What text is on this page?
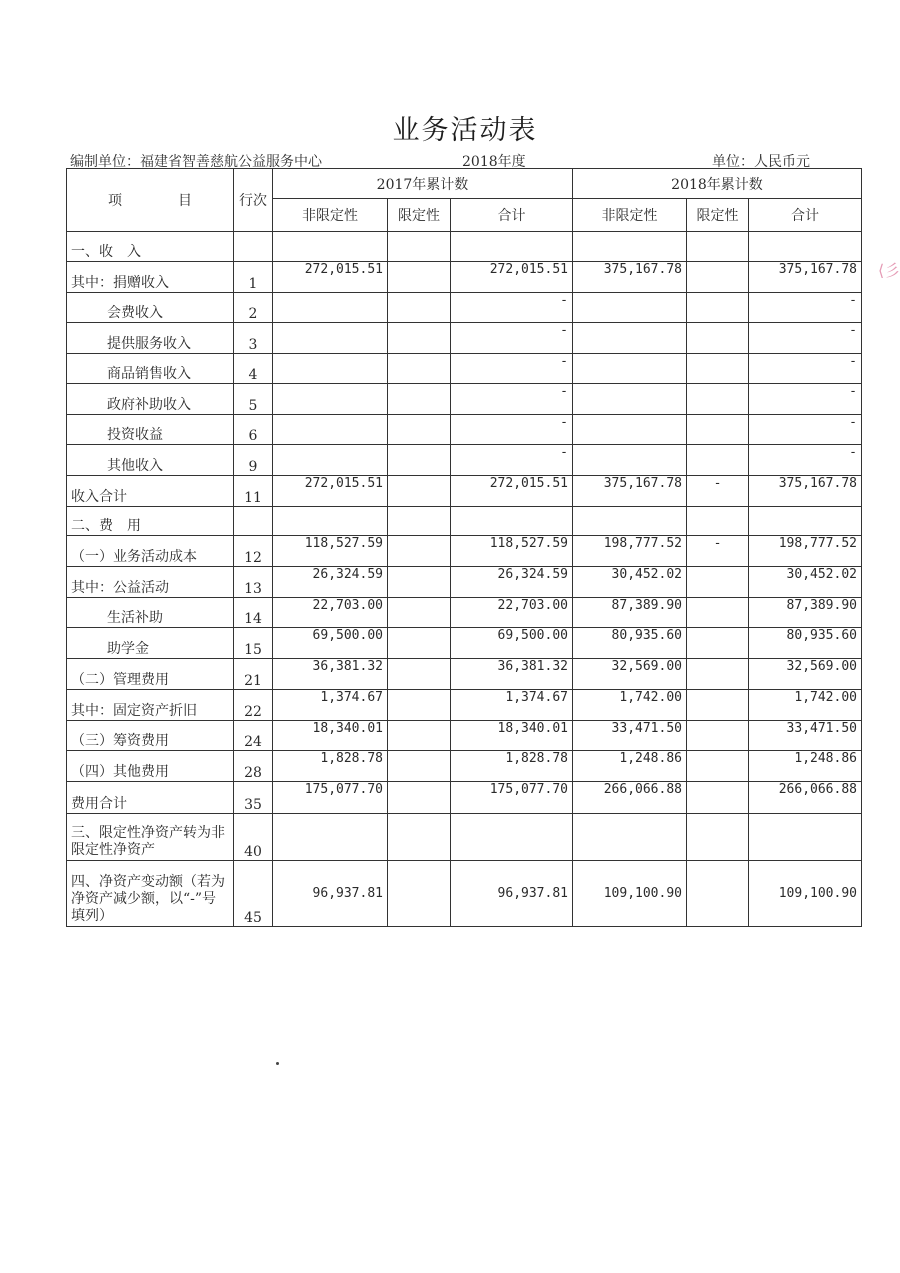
业务活动表
编制单位：福建省智善慈航公益服务中心	2018年度	单位：人民币元
项　　　　目	行次	2017年累计数			2018年累计数		
		非限定性	限定性	合计	非限定性	限定性	合计
一、收　入							
其中：捐赠收入	1	272,015.51		272,015.51	375,167.78		375,167.78
会费收入	2			-			-
提供服务收入	3			-			-
商品销售收入	4			-			-
政府补助收入	5			-			-
投资收益	6			-			-
其他收入	9			-			-
收入合计	11	272,015.51		272,015.51	375,167.78	-	375,167.78
二、费　用							
（一）业务活动成本	12	118,527.59		118,527.59	198,777.52	-	198,777.52
其中：公益活动	13	26,324.59		26,324.59	30,452.02		30,452.02
生活补助	14	22,703.00		22,703.00	87,389.90		87,389.90
助学金	15	69,500.00		69,500.00	80,935.60		80,935.60
（二）管理费用	21	36,381.32		36,381.32	32,569.00		32,569.00
其中：固定资产折旧	22	1,374.67		1,374.67	1,742.00		1,742.00
（三）筹资费用	24	18,340.01		18,340.01	33,471.50		33,471.50
（四）其他费用	28	1,828.78		1,828.78	1,248.86		1,248.86
费用合计	35	175,077.70		175,077.70	266,066.88		266,066.88
三、限定性净资产转为非限定性净资产	40						
四、净资产变动额（若为净资产减少额，以“-”号填列）	45	96,937.81		96,937.81	109,100.90		109,100.90
⟨彡
